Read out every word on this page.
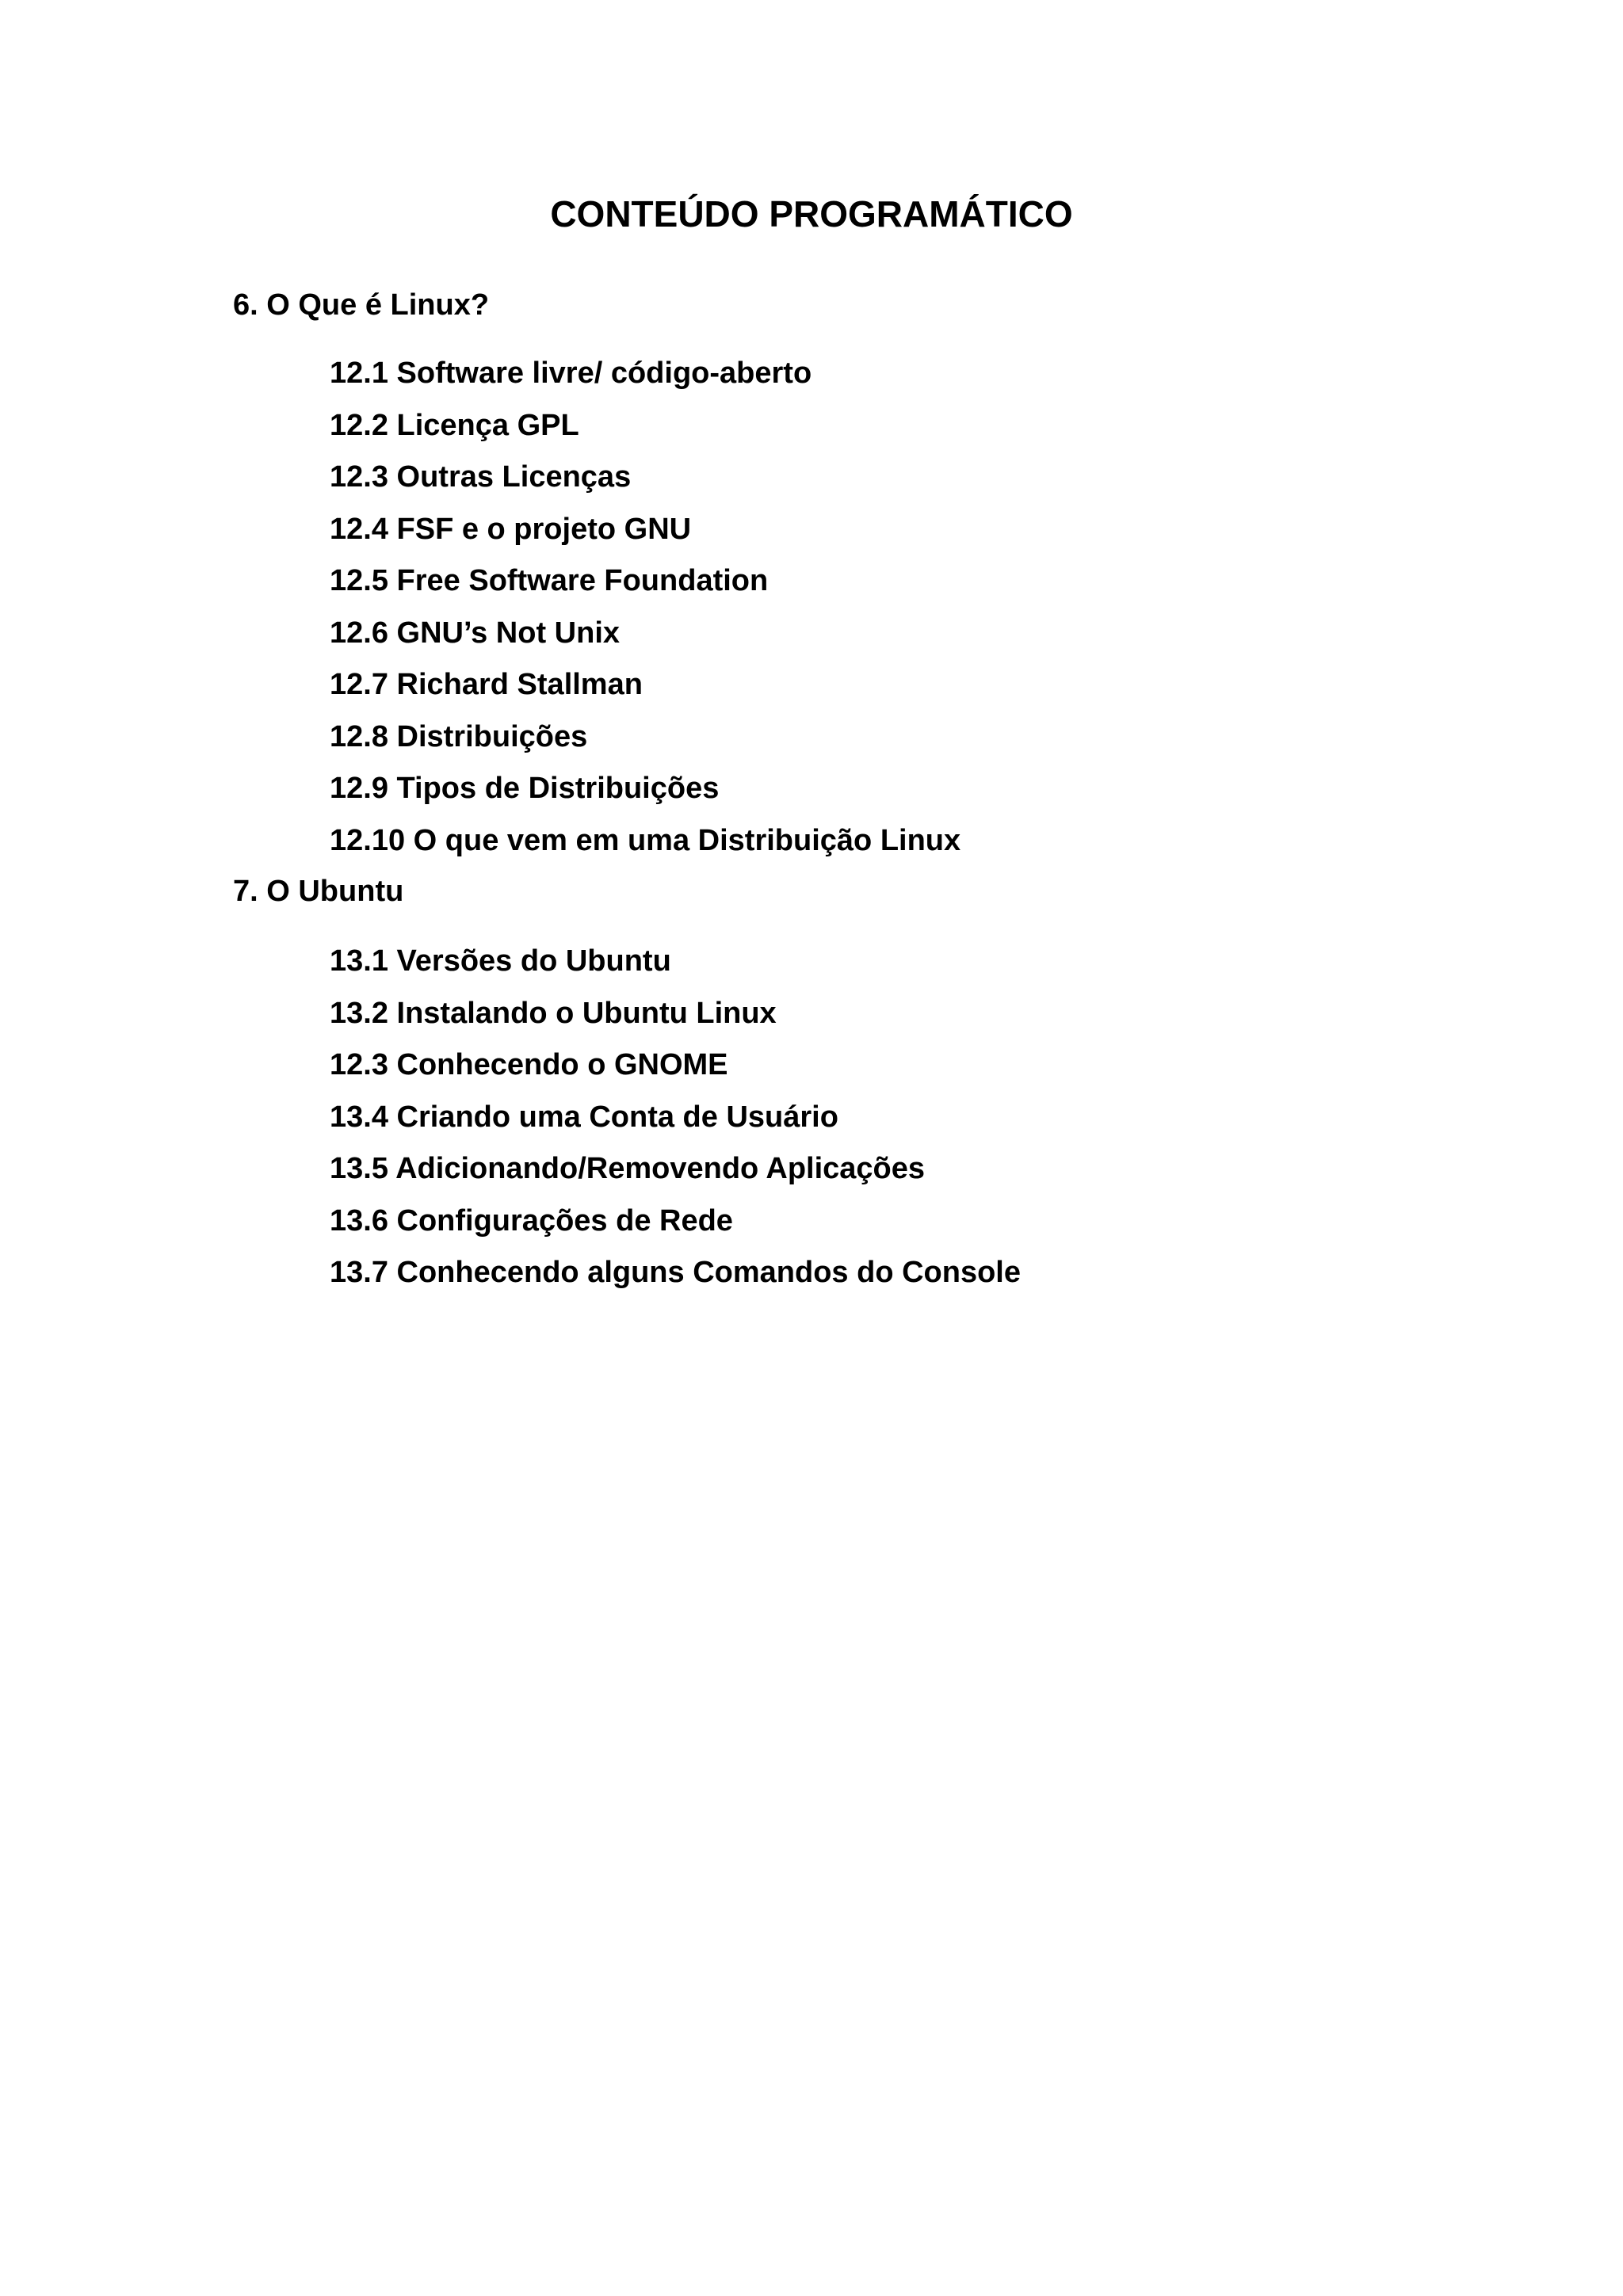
CONTEÚDO PROGRAMÁTICO
6. O Que é Linux?
12.1 Software livre/ código-aberto
12.2 Licença GPL
12.3 Outras Licenças
12.4 FSF e o projeto GNU
12.5 Free Software Foundation
12.6 GNU’s Not Unix
12.7 Richard Stallman
12.8 Distribuições
12.9 Tipos de Distribuições
12.10 O que vem em uma Distribuição Linux
7. O Ubuntu
13.1 Versões do Ubuntu
13.2 Instalando o Ubuntu Linux
12.3 Conhecendo o GNOME
13.4 Criando uma Conta de Usuário
13.5 Adicionando/Removendo Aplicações
13.6 Configurações de Rede
13.7 Conhecendo alguns Comandos do Console
